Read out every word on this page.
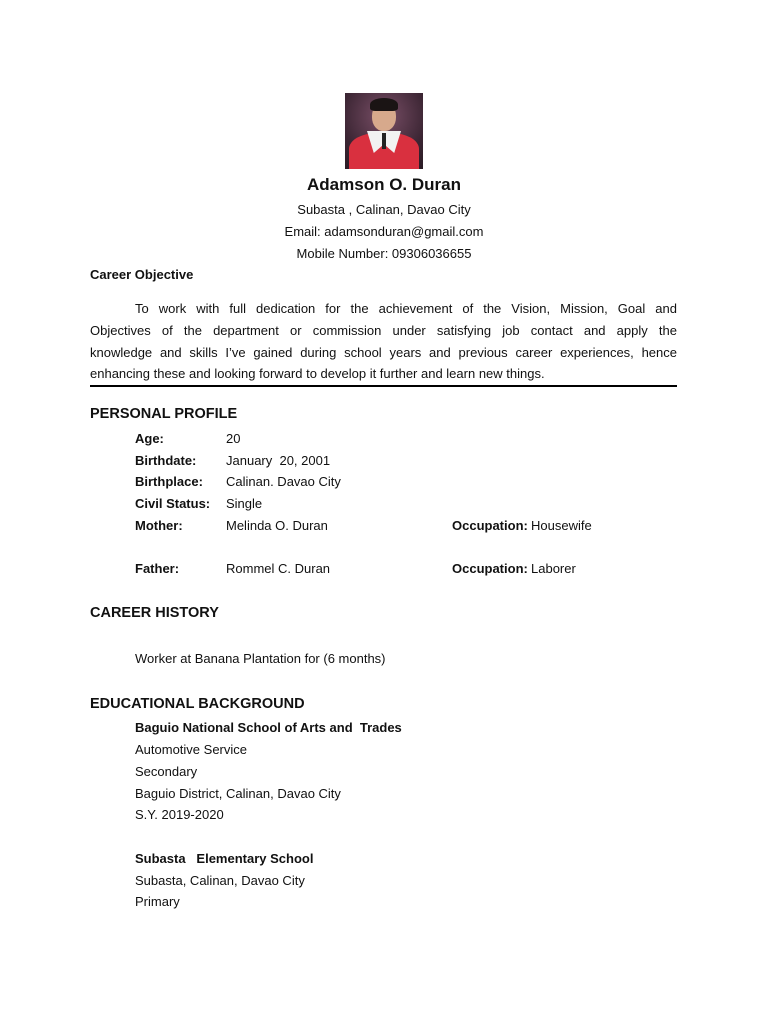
Adamson O. Duran
Subasta , Calinan, Davao City
Email: adamsonduran@gmail.com
Mobile Number: 09306036655
Career Objective
To work with full dedication for the achievement of the Vision, Mission, Goal and
Objectives of the department or commission under satisfying job contact and apply the
knowledge and skills I’ve gained during school years and previous career experiences, hence
enhancing these and looking forward to develop it further and learn new things.
PERSONAL PROFILE
Age:	20
Birthdate: January  20, 2001
Birthplace: Calinan. Davao City
Civil Status: Single
Mother:	Melinda O. Duran	Occupation: Housewife
Father:	Rommel C. Duran	Occupation: Laborer
CAREER HISTORY
Worker at Banana Plantation for (6 months)
EDUCATIONAL BACKGROUND
Baguio National School of Arts and  Trades
Automotive Service
Secondary
Baguio District, Calinan, Davao City
S.Y. 2019-2020
Subasta   Elementary School
Subasta, Calinan, Davao City
Primary
